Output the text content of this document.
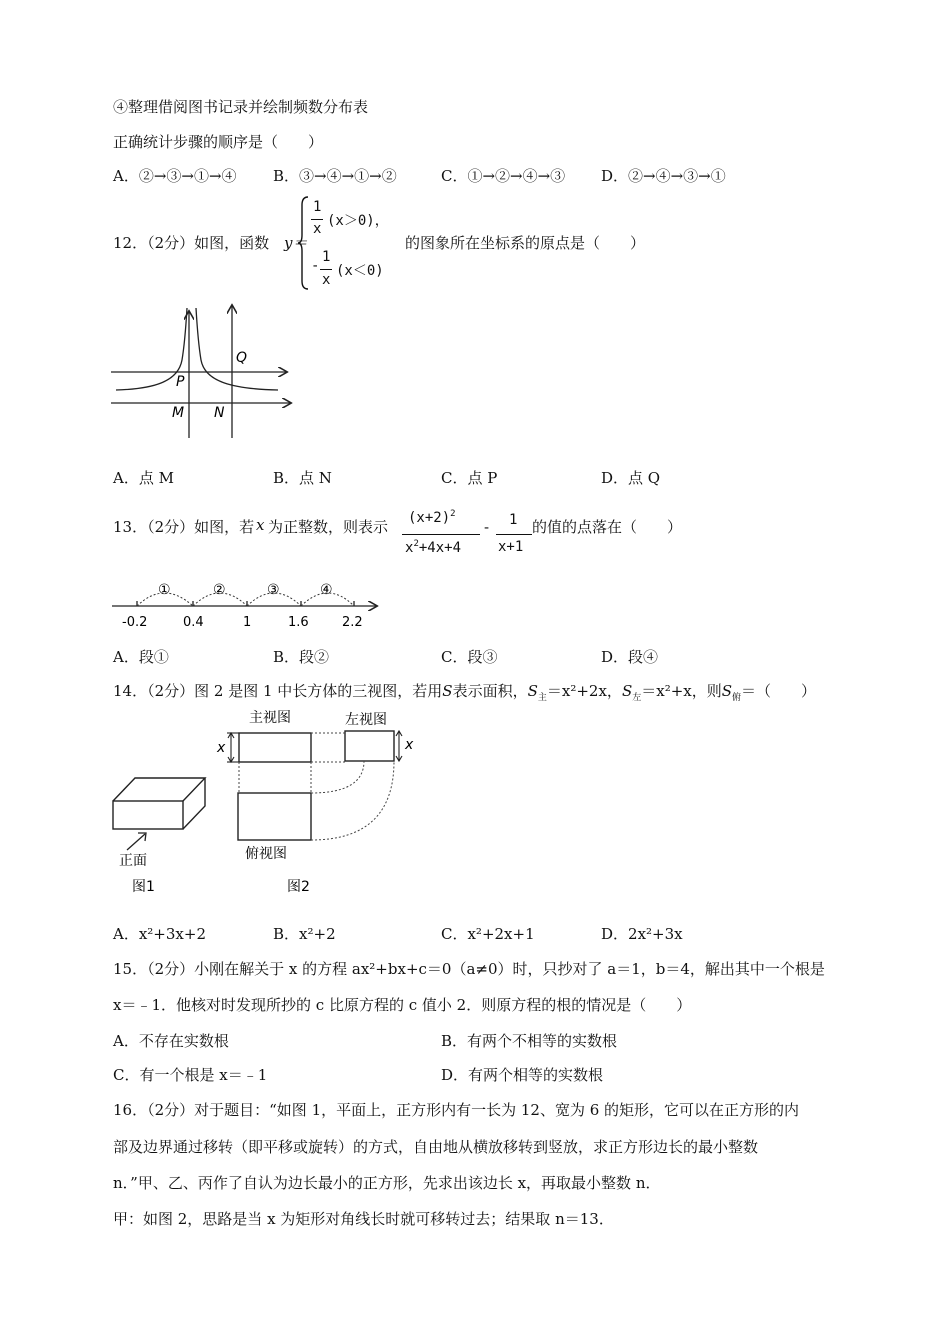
④整理借阅图书记录并绘制频数分布表
正确统计步骤的顺序是（　　）
A．②→③→①→④ B．③→④→①→②	C．①→②→④→③ D．②→④→③→①
12．（2分）如图，函数 y＝
1
x (x＞0)，
-
1
x
(x＜0)
的图象所在坐标系的原点是（　　）
Q
P
M N
A．点 M	B．点 N	C．点 P	D．点 Q
13．（2分）如图，若 x 为正整数，则表示 $(x+2)^2$
$x^2+4x+4$
- 1
x+1
的值的点落在（　　）
①	②	③	④
-0.2	0.4	1	1.6	2.2
A．段①	B．段②	C．段③	D．段④
14．（2分）图 2 是图 1 中长方体的三视图，若用S表示面积，$S_主=x^2+2x$，$S_左=x^2+x$，则$S_俯=$（　　）
正面
图1
主视图	左视图
俯视图
图2
x	x
A．x²+3x+2	B．x²+2	C．x²+2x+1	D．2x²+3x
15．（2分）小刚在解关于 x 的方程 ax²+bx+c＝0（a≠0）时，只抄对了 a＝1，b＝4，解出其中一个根是
x＝﹣1．他核对时发现所抄的 c 比原方程的 c 值小 2．则原方程的根的情况是（　　）
A．不存在实数根	B．有两个不相等的实数根
C．有一个根是 x＝﹣1	D．有两个相等的实数根
16．（2分）对于题目：“如图 1，平面上，正方形内有一长为 12、宽为 6 的矩形，它可以在正方形的内
部及边界通过移转（即平移或旋转）的方式，自由地从横放移转到竖放，求正方形边长的最小整数
n．”甲、乙、丙作了自认为边长最小的正方形，先求出该边长 x，再取最小整数 n．
甲：如图 2，思路是当 x 为矩形对角线长时就可移转过去；结果取 n＝13．
